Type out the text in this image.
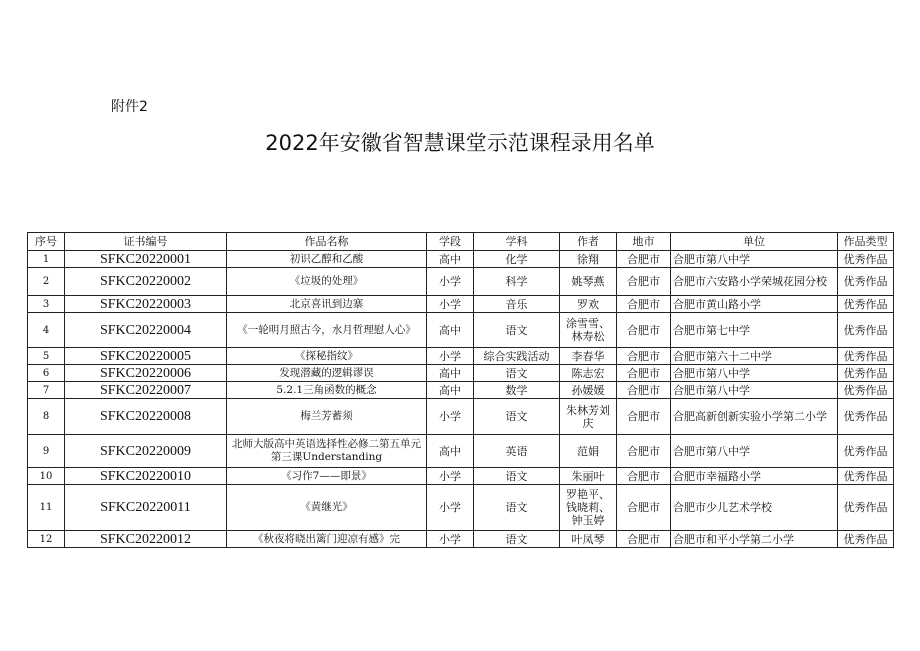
附件2
2022年安徽省智慧课堂示范课程录用名单
序号	证书编号	作品名称	学段	学科	作者	地市	单位	作品类型
1	SFKC20220001	初识乙醇和乙酸	高中	化学	徐翔	合肥市	合肥市第八中学	优秀作品
2	SFKC20220002	《垃圾的处理》	小学	科学	姚琴燕	合肥市	合肥市六安路小学荣城花园分校	优秀作品
3	SFKC20220003	北京喜讯到边寨	小学	音乐	罗欢	合肥市	合肥市黄山路小学	优秀作品
4	SFKC20220004	《一轮明月照古今，水月哲理慰人心》	高中	语文	涂雪雪、林寿松	合肥市	合肥市第七中学	优秀作品
5	SFKC20220005	《探秘指纹》	小学	综合实践活动	李春华	合肥市	合肥市第六十二中学	优秀作品
6	SFKC20220006	发现潜藏的逻辑谬误	高中	语文	陈志宏	合肥市	合肥市第八中学	优秀作品
7	SFKC20220007	5.2.1三角函数的概念	高中	数学	孙媛媛	合肥市	合肥市第八中学	优秀作品
8	SFKC20220008	梅兰芳蓄须	小学	语文	朱林芳刘庆	合肥市	合肥高新创新实验小学第二小学	优秀作品
9	SFKC20220009	北师大版高中英语选择性必修二第五单元第三课Understanding	高中	英语	范娟	合肥市	合肥市第八中学	优秀作品
10	SFKC20220010	《习作7——即景》	小学	语文	朱丽叶	合肥市	合肥市幸福路小学	优秀作品
11	SFKC20220011	《黄继光》	小学	语文	罗艳平、钱晓莉、钟玉婷	合肥市	合肥市少儿艺术学校	优秀作品
12	SFKC20220012	《秋夜将晓出篱门迎凉有感》完	小学	语文	叶凤琴	合肥市	合肥市和平小学第二小学	优秀作品
